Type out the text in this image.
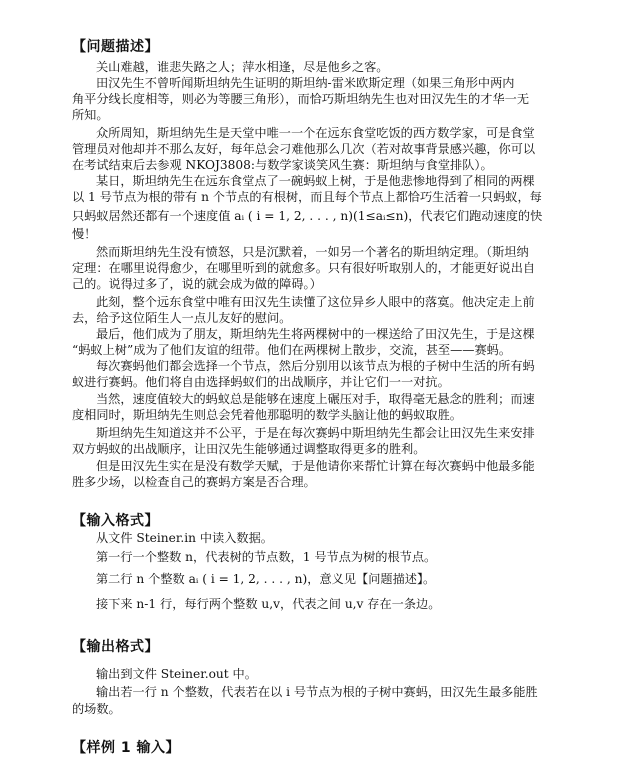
【问题描述】
关山难越，谁悲失路之人；萍水相逢，尽是他乡之客。
田汉先生不曾听闻斯坦纳先生证明的斯坦纳-雷米欧斯定理（如果三角形中两内
角平分线长度相等，则必为等腰三角形），而恰巧斯坦纳先生也对田汉先生的才华一无
所知。
众所周知，斯坦纳先生是天堂中唯一一个在远东食堂吃饭的西方数学家，可是食堂
管理员对他却并不那么友好，每年总会刁难他那么几次（若对故事背景感兴趣，你可以
在考试结束后去参观 NKOJ3808:与数学家谈笑风生赛：斯坦纳与食堂排队）。
某日，斯坦纳先生在远东食堂点了一碗蚂蚁上树，于是他悲惨地得到了相同的两棵
以 1 号节点为根的带有 n 个节点的有根树，而且每个节点上都恰巧生活着一只蚂蚁，每
只蚂蚁居然还都有一个速度值 aᵢ ( i = 1, 2, . . . , n)(1≤aᵢ≤n)，代表它们跑动速度的快
慢！
然而斯坦纳先生没有愤怒，只是沉默着，一如另一个著名的斯坦纳定理。（斯坦纳
定理：在哪里说得愈少，在哪里听到的就愈多。只有很好听取别人的，才能更好说出自
己的。说得过多了，说的就会成为做的障碍。）
此刻，整个远东食堂中唯有田汉先生读懂了这位异乡人眼中的落寞。他决定走上前
去，给予这位陌生人一点儿友好的慰问。
最后，他们成为了朋友，斯坦纳先生将两棵树中的一棵送给了田汉先生，于是这棵
“蚂蚁上树”成为了他们友谊的纽带。他们在两棵树上散步，交流，甚至——赛蚂。
每次赛蚂他们都会选择一个节点，然后分别用以该节点为根的子树中生活的所有蚂
蚁进行赛蚂。他们将自由选择蚂蚁们的出战顺序，并让它们一一对抗。
当然，速度值较大的蚂蚁总是能够在速度上碾压对手，取得毫无悬念的胜利；而速
度相同时，斯坦纳先生则总会凭着他那聪明的数学头脑让他的蚂蚁取胜。
斯坦纳先生知道这并不公平，于是在每次赛蚂中斯坦纳先生都会让田汉先生来安排
双方蚂蚁的出战顺序，让田汉先生能够通过调整取得更多的胜利。
但是田汉先生实在是没有数学天赋，于是他请你来帮忙计算在每次赛蚂中他最多能
胜多少场，以检查自己的赛蚂方案是否合理。
【输入格式】
从文件 Steiner.in 中读入数据。
第一行一个整数 n，代表树的节点数，1 号节点为树的根节点。
第二行 n 个整数 aᵢ ( i = 1, 2, . . . , n)，意义见【问题描述】。
接下来 n-1 行，每行两个整数 u,v，代表之间 u,v 存在一条边。
【输出格式】
输出到文件 Steiner.out 中。
输出若一行 n 个整数，代表若在以 i 号节点为根的子树中赛蚂，田汉先生最多能胜
的场数。
【样例 1 输入】
